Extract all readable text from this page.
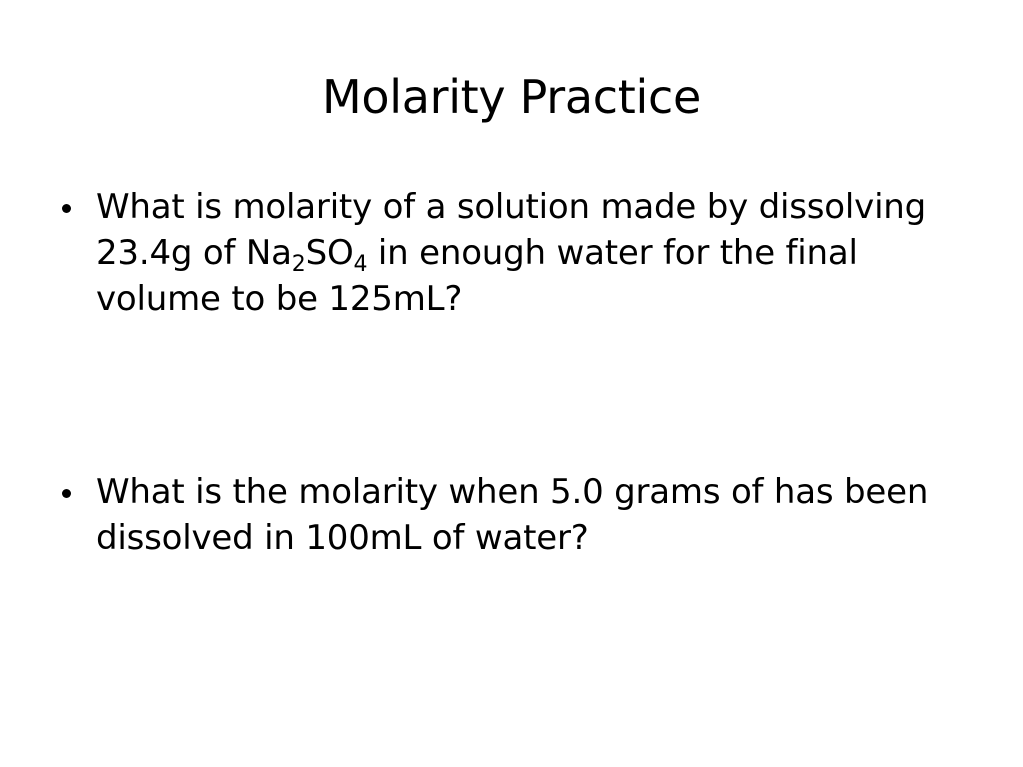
Molarity Practice
What is molarity of a solution made by dissolving 23.4g of $Na_2SO_4$ in enough water for the final volume to be 125mL?
What is the molarity when 5.0 grams of has been dissolved in 100mL of water?
